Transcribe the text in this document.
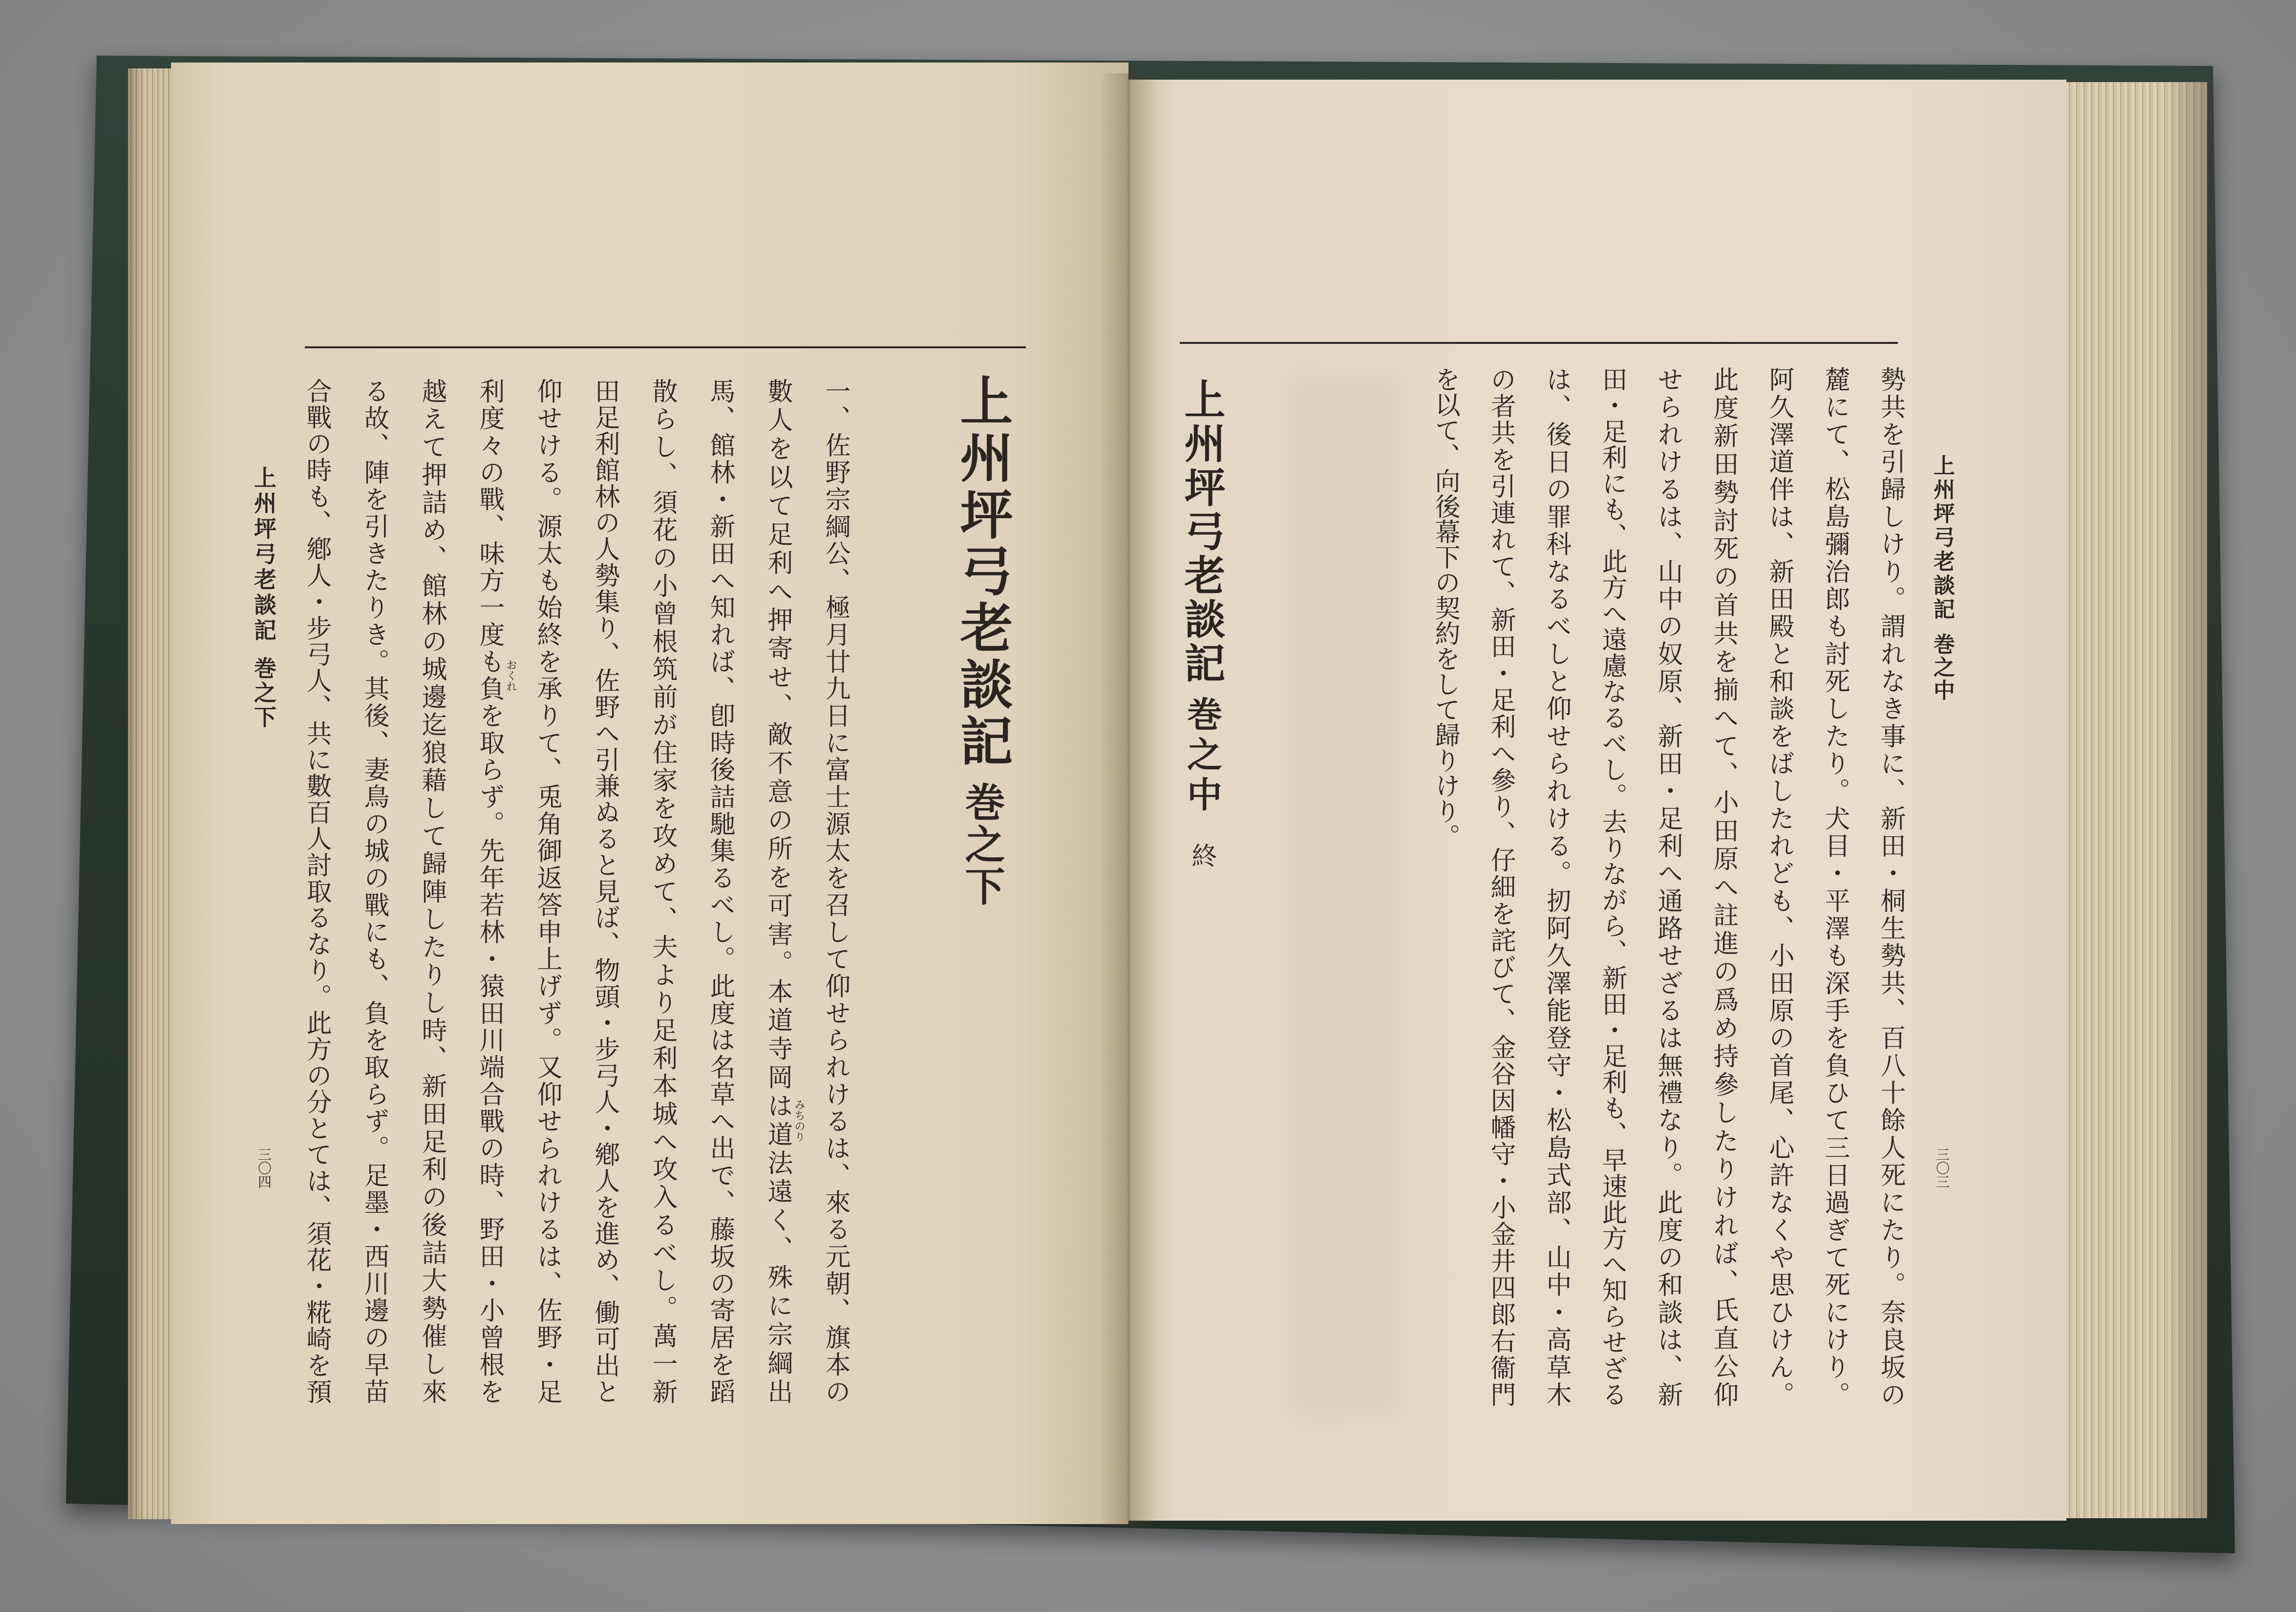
上州坪弓老談記

巻之下

三〇四

上州坪弓老談記

巻之下

一、佐野宗綱公、極月廿九日に富士源太を召して仰せられけるは、來る元朝、旗本の

數人を以て足利へ押寄せ、敵不意の所を可害。本道寺岡は道法遠く、殊に宗綱出

馬、館林・新田へ知れば、卽時後詰馳集るべし。此度は名草へ出で、藤坂の寄居を蹈

散らし、須花の小曾根筑前が住家を攻めて、夫より足利本城へ攻入るべし。萬一新

田足利館林の人勢集り、佐野へ引兼ぬると見ば、物頭・步弓人・鄕人を進め、働可出と

仰せける。源太も始終を承りて、兎角御返答申上げず。又仰せられけるは、佐野・足

利度々の戰、味方一度も負を取らず。先年若林・猿田川端合戰の時、野田・小曾根を

越えて押詰め、館林の城邊迄狼藉して歸陣したりし時、新田足利の後詰大勢催し來

る故、陣を引きたりき。其後、妻鳥の城の戰にも、負を取らず。足墨・西川邊の早苗

合戰の時も、鄕人・步弓人、共に數百人討取るなり。此方の分とては、須花・糀崎を預	みちのり

おくれ

上州坪弓老談記

巻之中

三〇三

勢共を引歸しけり。謂れなき事に、新田・桐生勢共、百八十餘人死にたり。奈良坂の

麓にて、松島彌治郎も討死したり。犬目・平澤も深手を負ひて三日過ぎて死にけり。

阿久澤道伴は、新田殿と和談をばしたれども、小田原の首尾、心許なくや思ひけん。

此度新田勢討死の首共を揃へて、小田原へ註進の爲め持參したりければ、氏直公仰

せられけるは、山中の奴原、新田・足利へ通路せざるは無禮なり。此度の和談は、新

田・足利にも、此方へ遠慮なるべし。去りながら、新田・足利も、早速此方へ知らせざる

は、後日の罪科なるべしと仰せられける。扨阿久澤能登守・松島式部、山中・高草木

の者共を引連れて、新田・足利へ參り、仔細を詫びて、金谷因幡守・小金井四郎右衞門

を以て、向後幕下の契約をして歸りけり。

上州坪弓老談記

巻之中

終
